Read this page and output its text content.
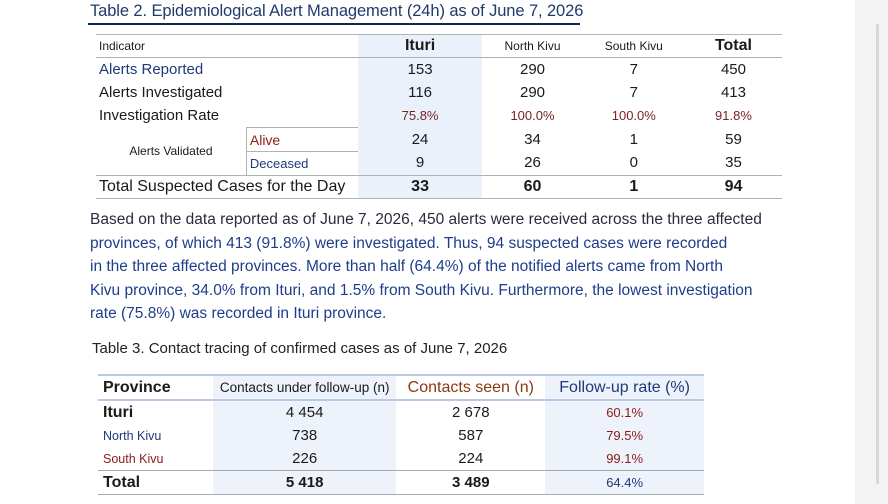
Table 2. Epidemiological Alert Management (24h) as of June 7, 2026
Indicator		Ituri	North Kivu	South Kivu	Total
Alerts Reported		153	290	7	450
Alerts Investigated		116	290	7	413
Investigation Rate		75.8%	100.0%	100.0%	91.8%
Alerts Validated	Alive	24	34	1	59
	Deceased	9	26	0	35
Total Suspected Cases for the Day		33	60	1	94
Based on the data reported as of June 7, 2026, 450 alerts were received across the three affected
provinces, of which 413 (91.8%) were investigated. Thus, 94 suspected cases were recorded
in the three affected provinces. More than half (64.4%) of the notified alerts came from North
Kivu province, 34.0% from Ituri, and 1.5% from South Kivu. Furthermore, the lowest investigation
rate (75.8%) was recorded in Ituri province.
Table 3. Contact tracing of confirmed cases as of June 7, 2026
Province	Contacts under follow-up (n)	Contacts seen (n)	Follow-up rate (%)
Ituri	4 454	2 678	60.1%
North Kivu	738	587	79.5%
South Kivu	226	224	99.1%
Total	5 418	3 489	64.4%
